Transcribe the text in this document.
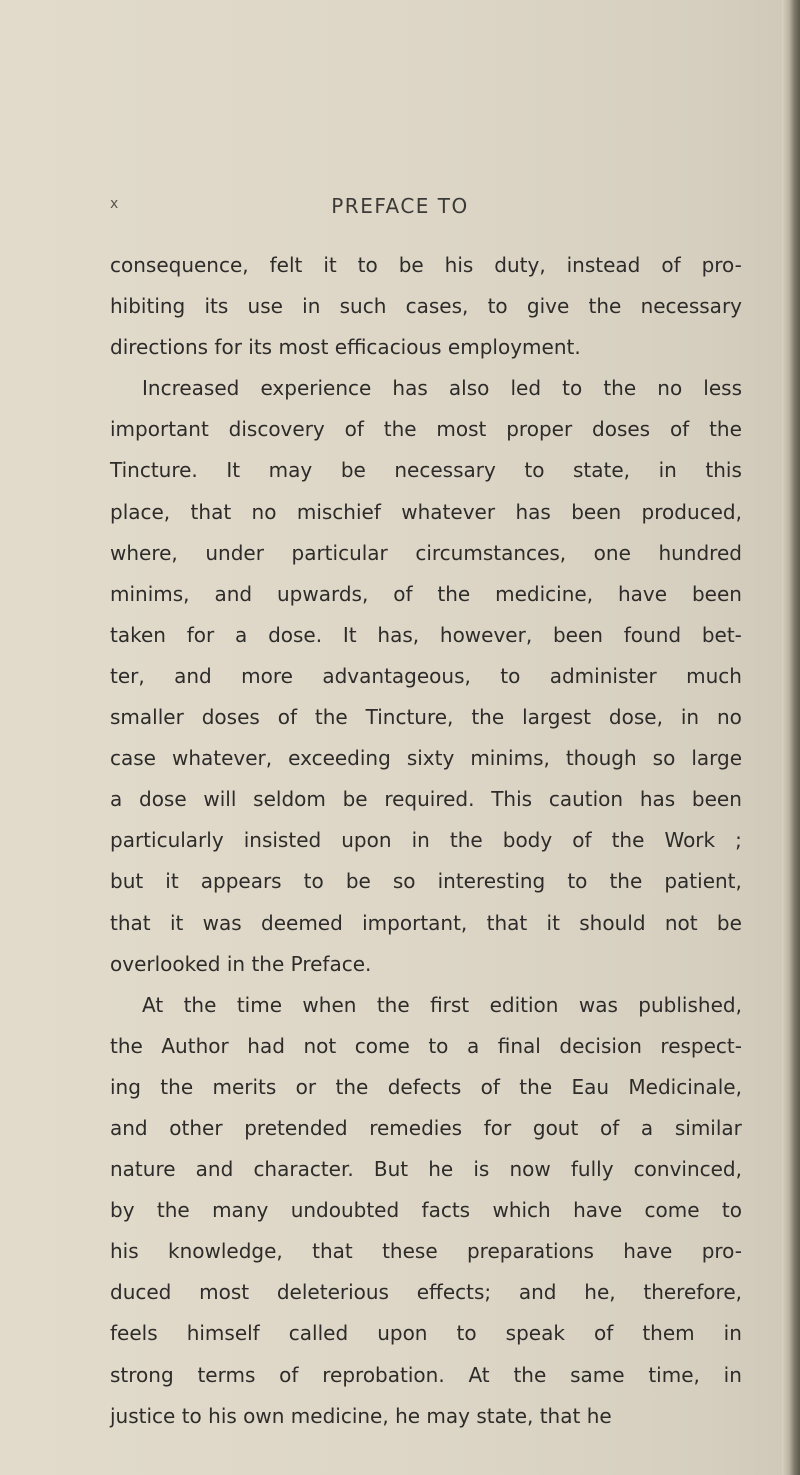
x	PREFACE TO
consequence, felt it to be his duty, instead of pro-
hibiting its use in such cases, to give the necessary
directions for its most efficacious employment.
Increased experience has also led to the no less
important discovery of the most proper doses of the
Tincture. It may be necessary to state, in this
place, that no mischief whatever has been produced,
where, under particular circumstances, one hundred
minims, and upwards, of the medicine, have been
taken for a dose. It has, however, been found bet-
ter, and more advantageous, to administer much
smaller doses of the Tincture, the largest dose, in no
case whatever, exceeding sixty minims, though so large
a dose will seldom be required. This caution has been
particularly insisted upon in the body of the Work ;
but it appears to be so interesting to the patient,
that it was deemed important, that it should not be
overlooked in the Preface.
At the time when the first edition was published,
the Author had not come to a final decision respect-
ing the merits or the defects of the Eau Medicinale,
and other pretended remedies for gout of a similar
nature and character. But he is now fully convinced,
by the many undoubted facts which have come to
his knowledge, that these preparations have pro-
duced most deleterious effects; and he, therefore,
feels himself called upon to speak of them in
strong terms of reprobation. At the same time, in
justice to his own medicine, he may state, that he
